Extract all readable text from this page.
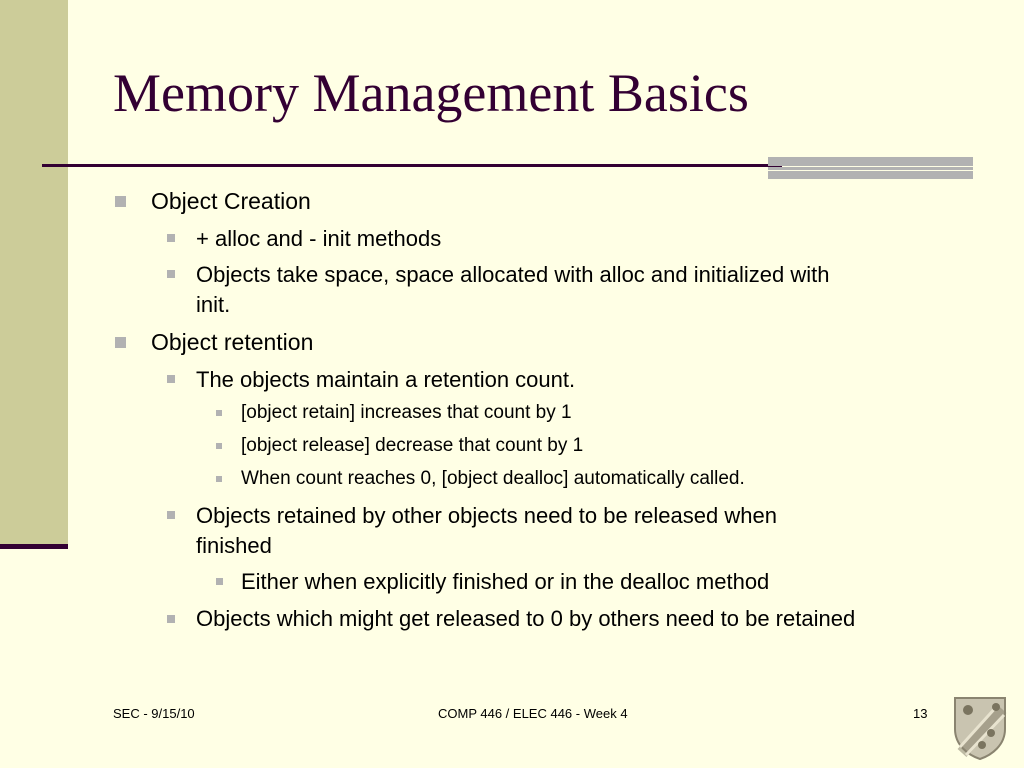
Memory Management Basics
Object Creation
+ alloc and - init methods
Objects take space, space allocated with alloc and initialized with
init.
Object retention
The objects maintain a retention count.
[object retain] increases that count by 1
[object release] decrease that count by 1
When count reaches 0, [object dealloc] automatically called.
Objects retained by other objects need to be released when
finished
Either when explicitly finished or in the dealloc method
Objects which might get released to 0 by others need to be retained
SEC - 9/15/10	COMP 446 / ELEC 446 - Week 4	13
